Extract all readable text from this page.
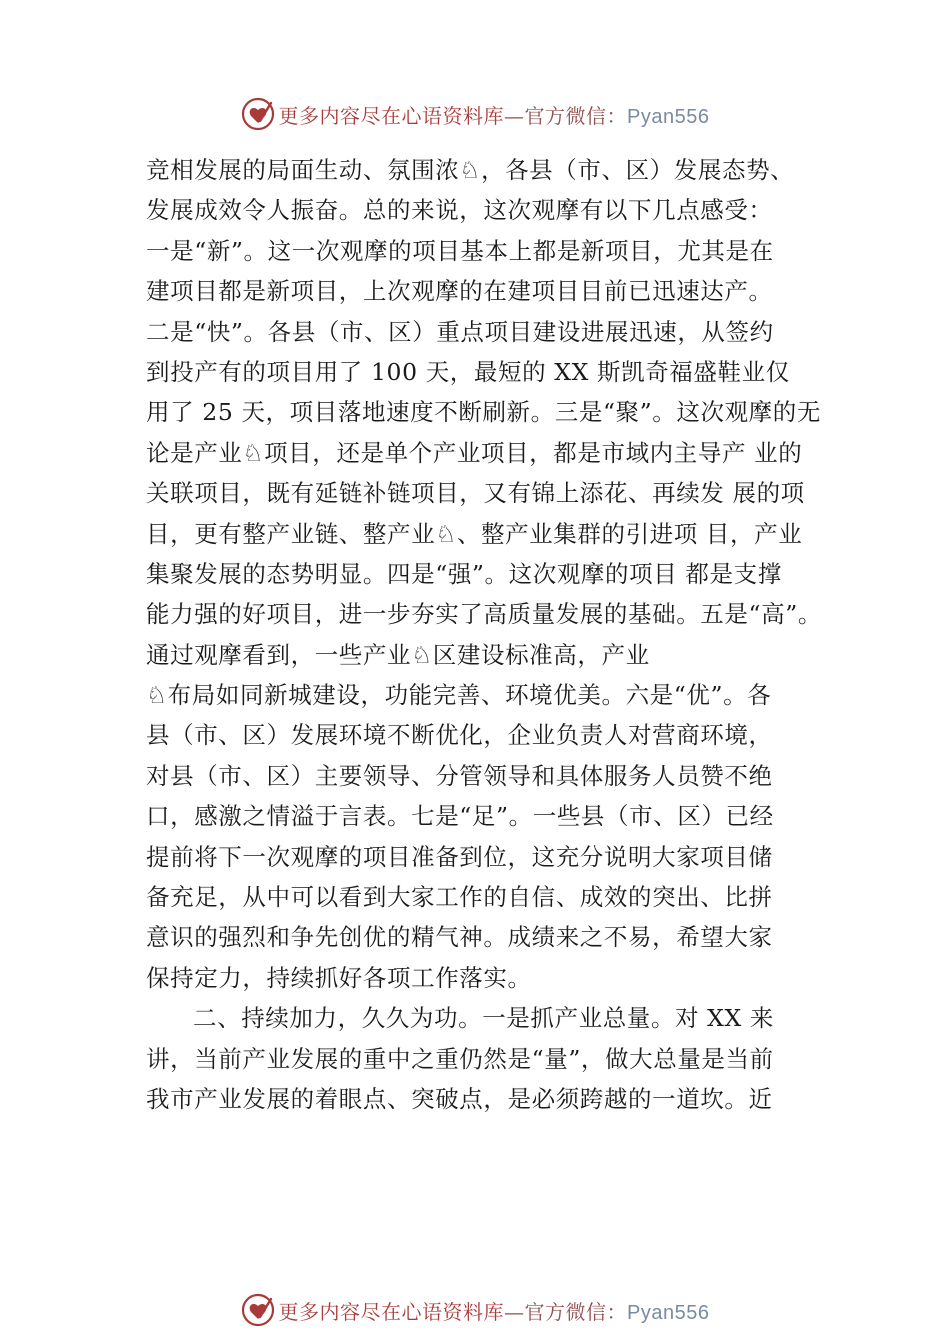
更多内容尽在心语资料库—官方微信：Pyan556
竞相发展的局面生动、氛围浓♘，各县（市、区）发展态势、
发展成效令人振奋。总的来说，这次观摩有以下几点感受：
一是“新”。这一次观摩的项目基本上都是新项目，尤其是在
建项目都是新项目，上次观摩的在建项目目前已迅速达产。
二是“快”。各县（市、区）重点项目建设进展迅速，从签约
到投产有的项目用了 100 天，最短的 XX 斯凯奇福盛鞋业仅
用了 25 天，项目落地速度不断刷新。三是“聚”。这次观摩的无
论是产业♘项目，还是单个产业项目，都是市域内主导产 业的
关联项目，既有延链补链项目，又有锦上添花、再续发 展的项
目，更有整产业链、整产业♘、整产业集群的引进项 目，产业
集聚发展的态势明显。四是“强”。这次观摩的项目 都是支撑
能力强的好项目，进一步夯实了高质量发展的基础。五是“高”。
通过观摩看到，一些产业♘区建设标准高，产业
♘布局如同新城建设，功能完善、环境优美。六是“优”。各
县（市、区）发展环境不断优化，企业负责人对营商环境，
对县（市、区）主要领导、分管领导和具体服务人员赞不绝
口，感激之情溢于言表。七是“足”。一些县（市、区）已经
提前将下一次观摩的项目准备到位，这充分说明大家项目储
备充足，从中可以看到大家工作的自信、成效的突出、比拼
意识的强烈和争先创优的精气神。成绩来之不易，希望大家
保持定力，持续抓好各项工作落实。
二、持续加力，久久为功。一是抓产业总量。对 XX 来
讲，当前产业发展的重中之重仍然是“量”，做大总量是当前
我市产业发展的着眼点、突破点，是必须跨越的一道坎。近
更多内容尽在心语资料库—官方微信：Pyan556
